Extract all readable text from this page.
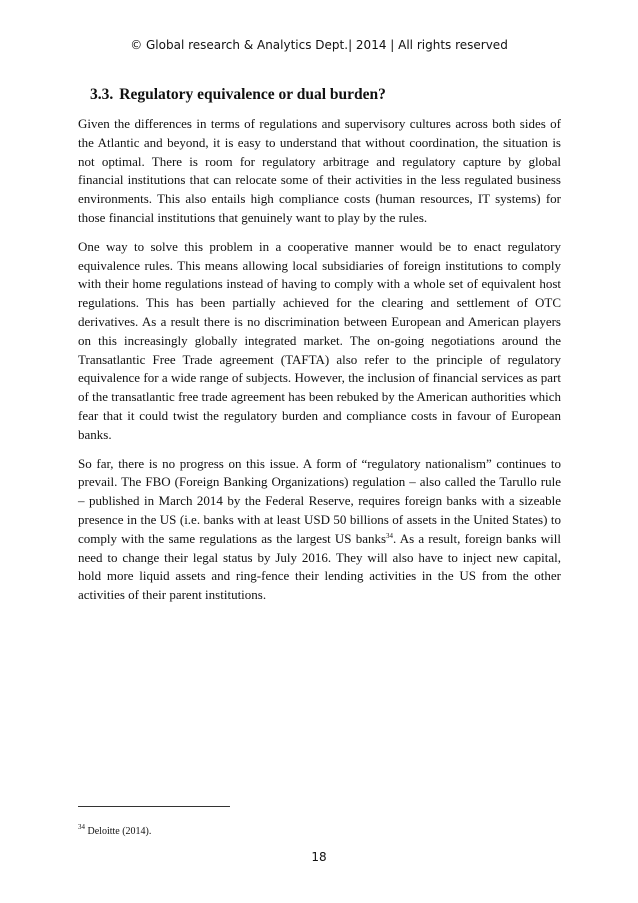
© Global research & Analytics Dept.| 2014 | All rights reserved
3.3. Regulatory equivalence or dual burden?

Given the differences in terms of regulations and supervisory cultures across both sides of the Atlantic and beyond, it is easy to understand that without coordination, the situation is not optimal. There is room for regulatory arbitrage and regulatory capture by global financial institutions that can relocate some of their activities in the less regulated business environments. This also entails high compliance costs (human resources, IT systems) for those financial institutions that genuinely want to play by the rules.

One way to solve this problem in a cooperative manner would be to enact regulatory equivalence rules. This means allowing local subsidiaries of foreign institutions to comply with their home regulations instead of having to comply with a whole set of equivalent host regulations. This has been partially achieved for the clearing and settlement of OTC derivatives. As a result there is no discrimination between European and American players on this increasingly globally integrated market. The on-going negotiations around the Transatlantic Free Trade agreement (TAFTA) also refer to the principle of regulatory equivalence for a wide range of subjects. However, the inclusion of financial services as part of the transatlantic free trade agreement has been rebuked by the American authorities which fear that it could twist the regulatory burden and compliance costs in favour of European banks.

So far, there is no progress on this issue. A form of “regulatory nationalism” continues to prevail. The FBO (Foreign Banking Organizations) regulation – also called the Tarullo rule – published in March 2014 by the Federal Reserve, requires foreign banks with a sizeable presence in the US (i.e. banks with at least USD 50 billions of assets in the United States) to comply with the same regulations as the largest US banks$^{34}$. As a result, foreign banks will need to change their legal status by July 2016. They will also have to inject new capital, hold more liquid assets and ring-fence their lending activities in the US from the other activities of their parent institutions.

$^{34}$ Deloitte (2014).
18
